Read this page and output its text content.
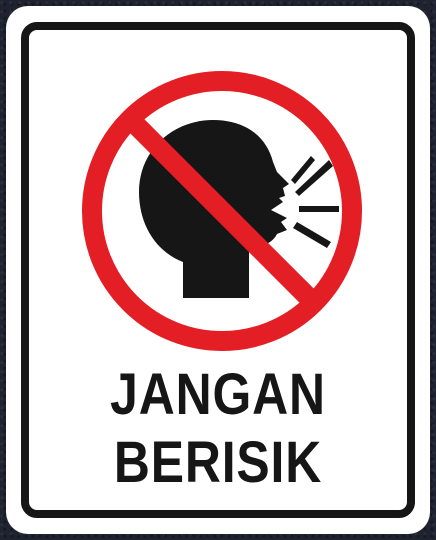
JANGAN
BERISIK
